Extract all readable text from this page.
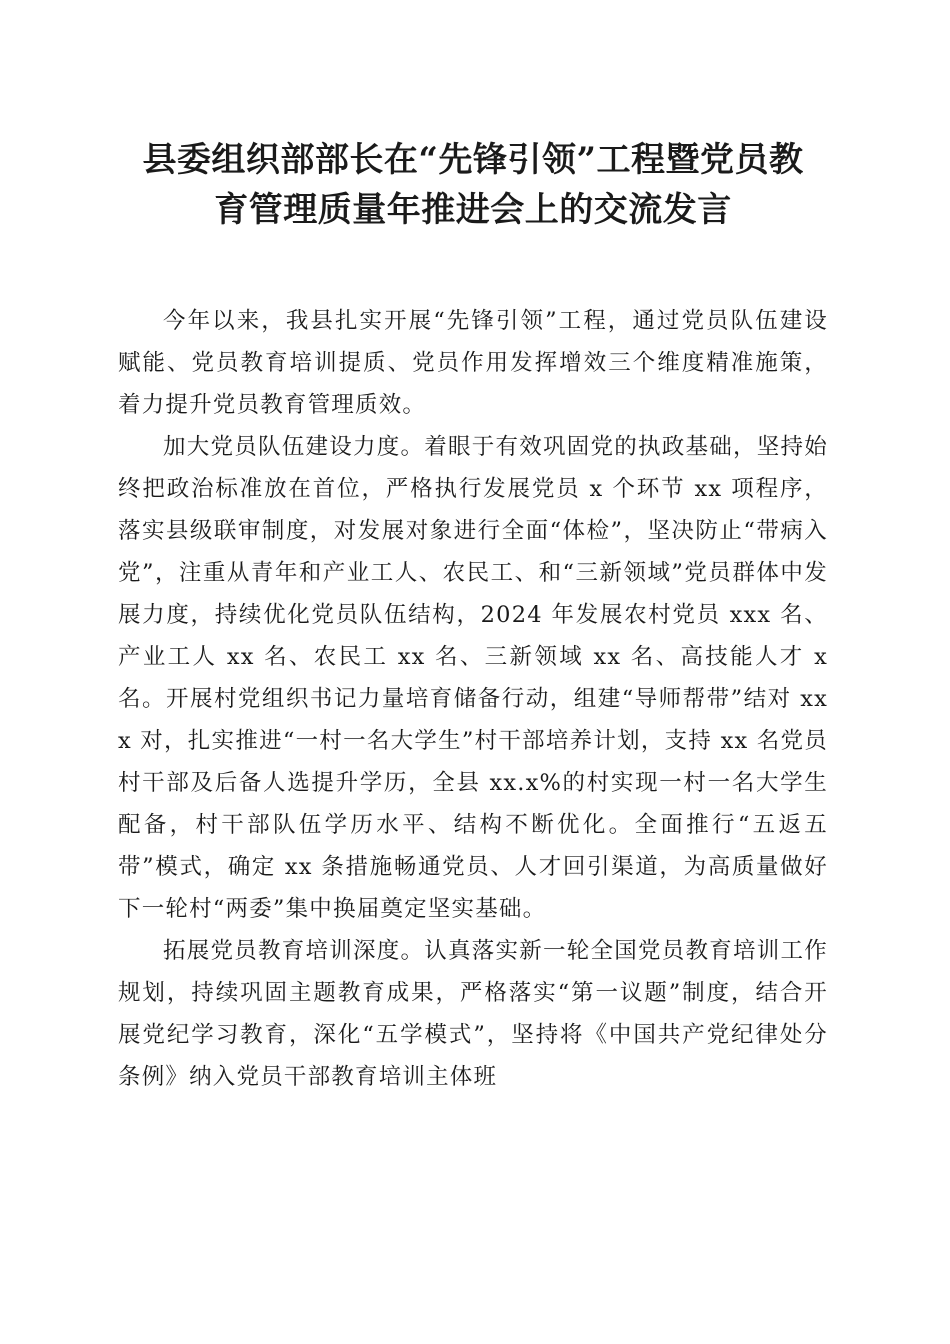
县委组织部部长在“先锋引领”工程暨党员教
育管理质量年推进会上的交流发言

今年以来，我县扎实开展“先锋引领”工程，通过党员队伍建设赋能、党员教育培训提质、党员作用发挥增效三个维度精准施策，着力提升党员教育管理质效。

加大党员队伍建设力度。着眼于有效巩固党的执政基础，坚持始终把政治标准放在首位，严格执行发展党员 x 个环节 xx 项程序，落实县级联审制度，对发展对象进行全面“体检”，坚决防止“带病入党”，注重从青年和产业工人、农民工、和“三新领域”党员群体中发展力度，持续优化党员队伍结构，2024 年发展农村党员 xxx 名、产业工人 xx 名、农民工 xx 名、三新领域 xx 名、高技能人才 x 名。开展村党组织书记力量培育储备行动，组建“导师帮带”结对 xxx 对，扎实推进“一村一名大学生”村干部培养计划，支持 xx 名党员村干部及后备人选提升学历，全县 xx.x%的村实现一村一名大学生配备，村干部队伍学历水平、结构不断优化。全面推行“五返五带”模式，确定 xx 条措施畅通党员、人才回引渠道，为高质量做好下一轮村“两委”集中换届奠定坚实基础。

拓展党员教育培训深度。认真落实新一轮全国党员教育培训工作规划，持续巩固主题教育成果，严格落实“第一议题”制度，结合开展党纪学习教育，深化“五学模式”，坚持将《中国共产党纪律处分条例》纳入党员干部教育培训主体班
